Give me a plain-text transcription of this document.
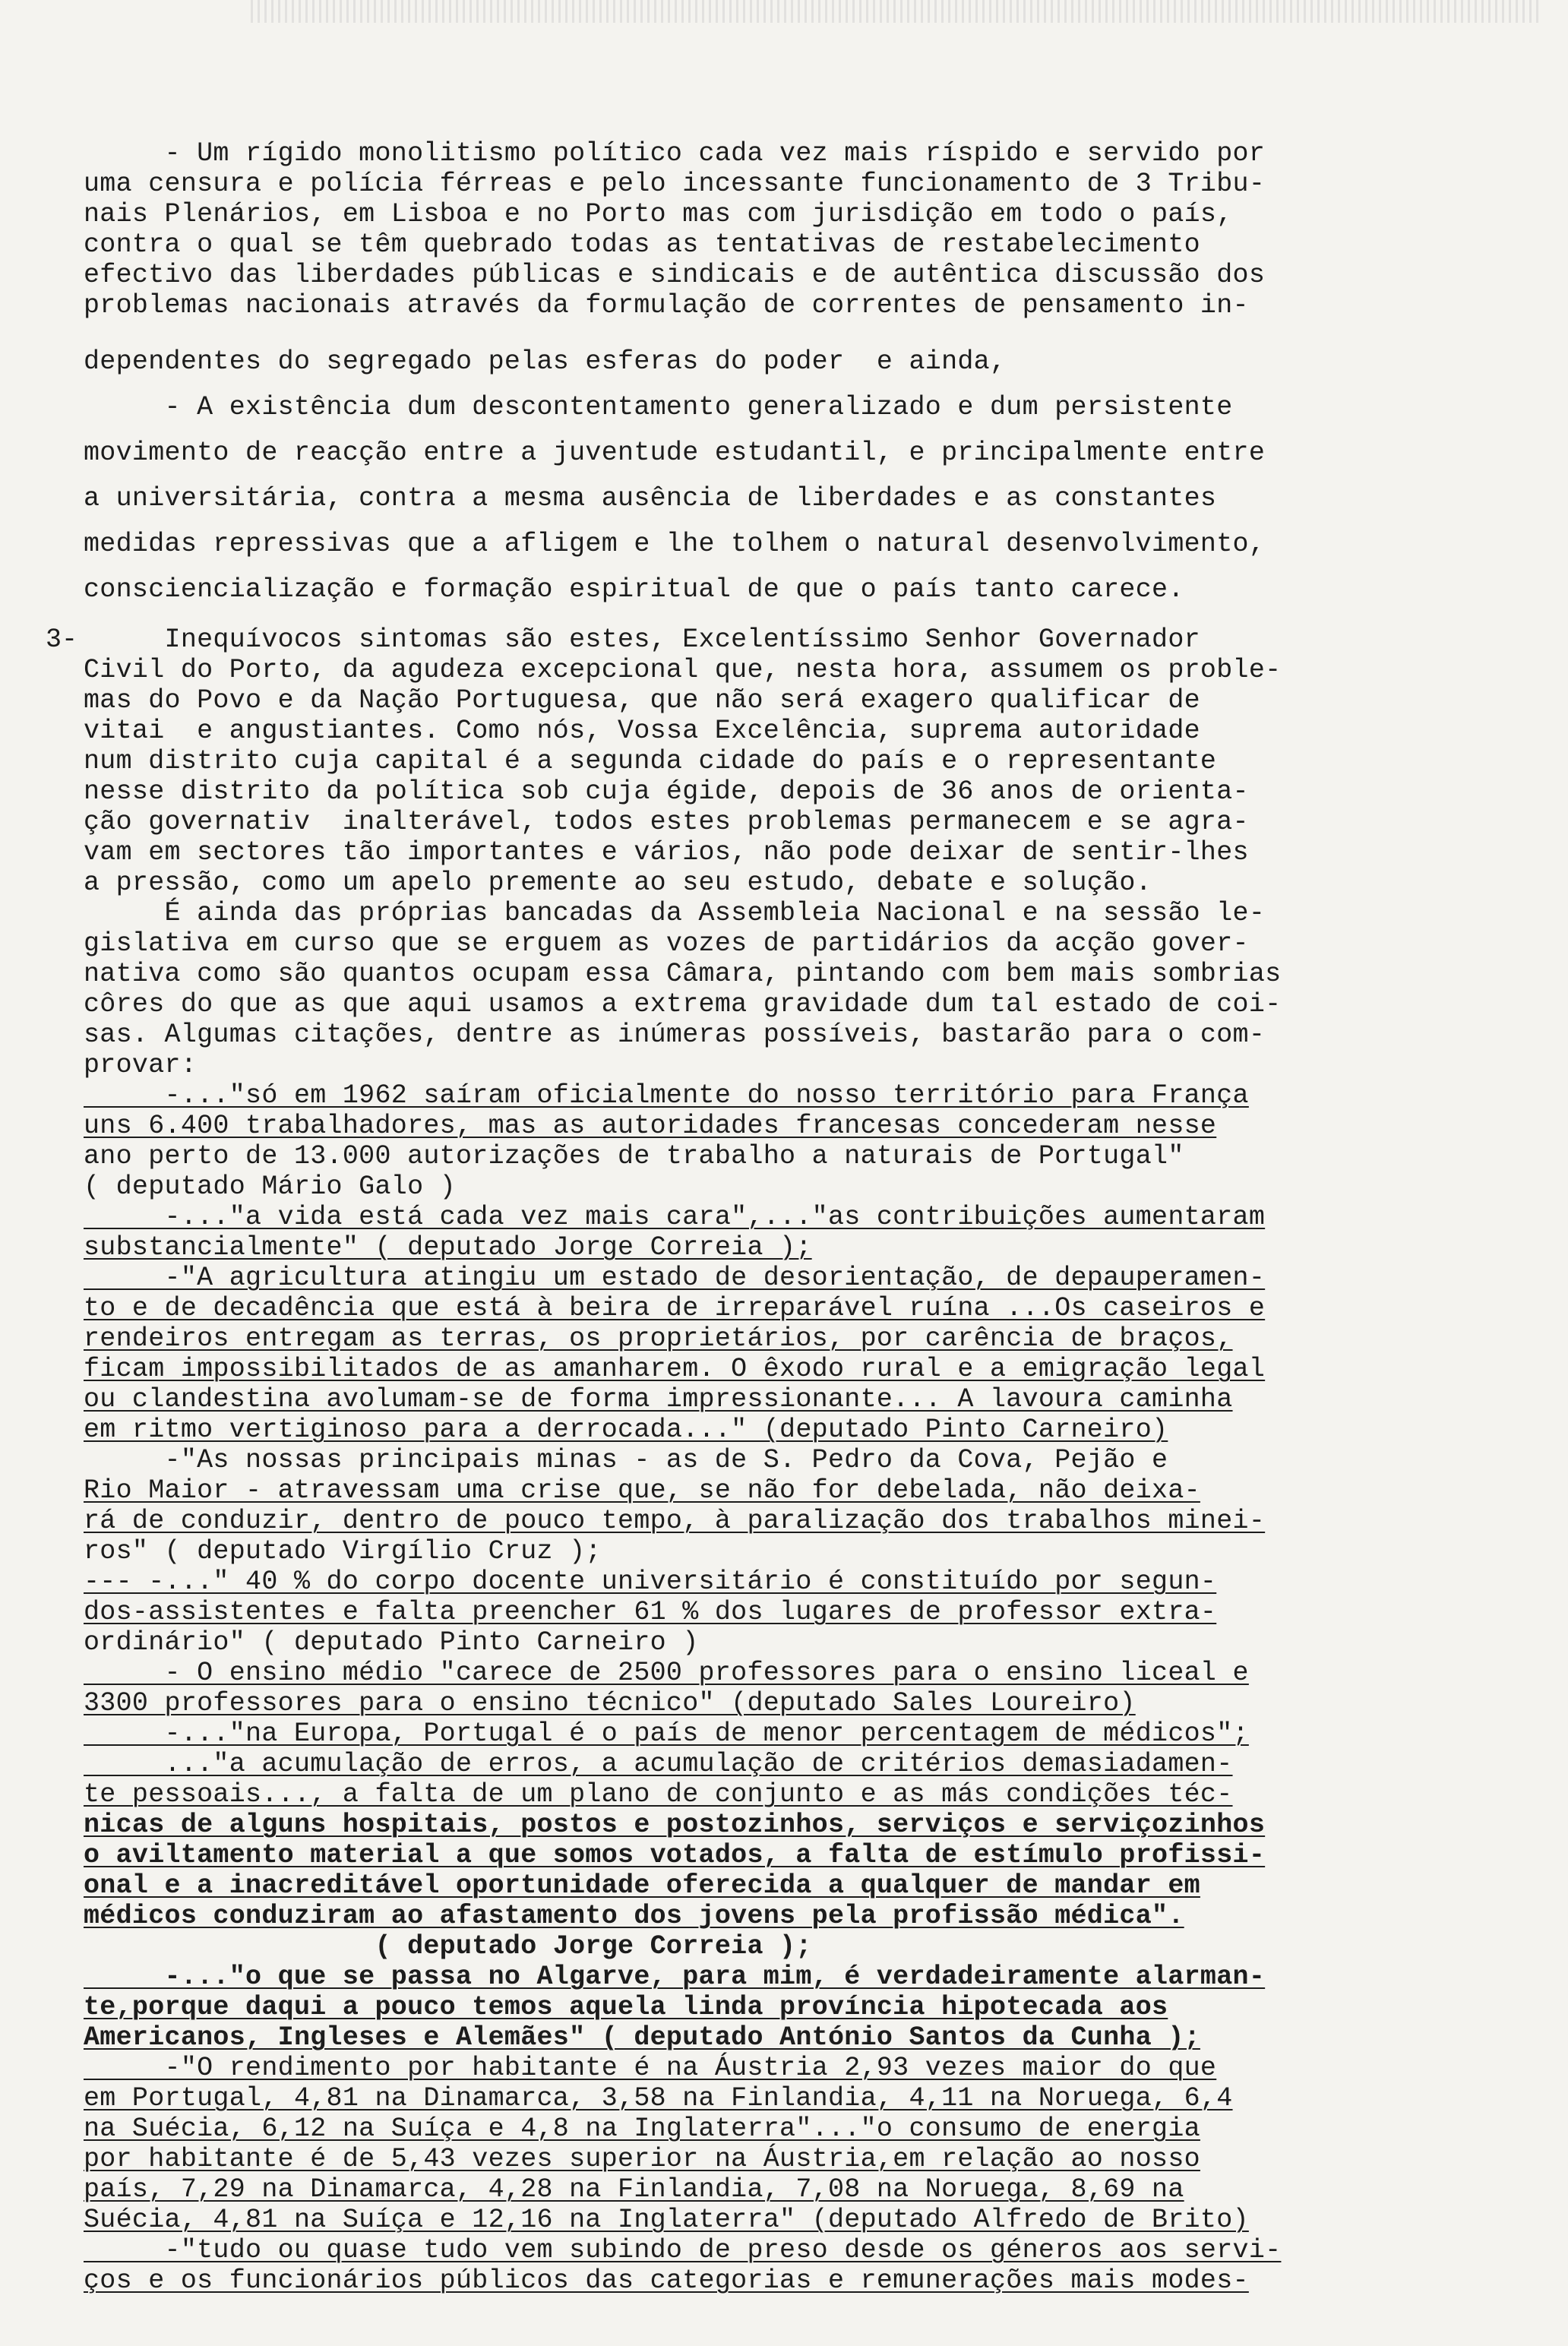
- Um rígido monolitismo político cada vez mais ríspido e servido por
uma censura e polícia férreas e pelo incessante funcionamento de 3 Tribu-
nais Plenários, em Lisboa e no Porto mas com jurisdição em todo o país,
contra o qual se têm quebrado todas as tentativas de restabelecimento
efectivo das liberdades públicas e sindicais e de autêntica discussão dos
problemas nacionais através da formulação de correntes de pensamento in-
dependentes do segregado pelas esferas do poder  e ainda,
- A existência dum descontentamento generalizado e dum persistente
movimento de reacção entre a juventude estudantil, e principalmente entre
a universitária, contra a mesma ausência de liberdades e as constantes
medidas repressivas que a afligem e lhe tolhem o natural desenvolvimento,
consciencialização e formação espiritual de que o país tanto carece.
3- Inequívocos sintomas são estes, Excelentíssimo Senhor Governador
Civil do Porto, da agudeza excepcional que, nesta hora, assumem os proble-
mas do Povo e da Nação Portuguesa, que não será exagero qualificar de
vitai  e angustiantes. Como nós, Vossa Excelência, suprema autoridade
num distrito cuja capital é a segunda cidade do país e o representante
nesse distrito da política sob cuja égide, depois de 36 anos de orienta-
ção governativ  inalterável, todos estes problemas permanecem e se agra-
vam em sectores tão importantes e vários, não pode deixar de sentir-lhes
a pressão, como um apelo premente ao seu estudo, debate e solução.
É ainda das próprias bancadas da Assembleia Nacional e na sessão le-
gislativa em curso que se erguem as vozes de partidários da acção gover-
nativa como são quantos ocupam essa Câmara, pintando com bem mais sombrias
côres do que as que aqui usamos a extrema gravidade dum tal estado de coi-
sas. Algumas citações, dentre as inúmeras possíveis, bastarão para o com-
provar:
-..."só em 1962 saíram oficialmente do nosso território para França
uns 6.400 trabalhadores, mas as autoridades francesas concederam nesse
ano perto de 13.000 autorizações de trabalho a naturais de Portugal"
( deputado Mário Galo )
-..."a vida está cada vez mais cara",..."as contribuições aumentaram
substancialmente" ( deputado Jorge Correia );
-"A agricultura atingiu um estado de desorientação, de depauperamen-
to e de decadência que está à beira de irreparável ruína ...Os caseiros e
rendeiros entregam as terras, os proprietários, por carência de braços,
ficam impossibilitados de as amanharem. O êxodo rural e a emigração legal
ou clandestina avolumam-se de forma impressionante... A lavoura caminha
em ritmo vertiginoso para a derrocada..." (deputado Pinto Carneiro)
-"As nossas principais minas - as de S. Pedro da Cova, Pejão e
Rio Maior - atravessam uma crise que, se não for debelada, não deixa-
rá de conduzir, dentro de pouco tempo, à paralização dos trabalhos minei-
ros" ( deputado Virgílio Cruz );
--- -..." 40 % do corpo docente universitário é constituído por segun-
dos-assistentes e falta preencher 61 % dos lugares de professor extra-
ordinário" ( deputado Pinto Carneiro )
- O ensino médio "carece de 2500 professores para o ensino liceal e
3300 professores para o ensino técnico" (deputado Sales Loureiro)
-..."na Europa, Portugal é o país de menor percentagem de médicos";
..."a acumulação de erros, a acumulação de critérios demasiadamen-
te pessoais..., a falta de um plano de conjunto e as más condições téc-
nicas de alguns hospitais, postos e postozinhos, serviços e serviçozinhos
o aviltamento material a que somos votados, a falta de estímulo profissi-
onal e a inacreditável oportunidade oferecida a qualquer de mandar em
médicos conduziram ao afastamento dos jovens pela profissão médica".
( deputado Jorge Correia );
-..."o que se passa no Algarve, para mim, é verdadeiramente alarman-
te,porque daqui a pouco temos aquela linda província hipotecada aos
Americanos, Ingleses e Alemães" ( deputado António Santos da Cunha );
-"O rendimento por habitante é na Áustria 2,93 vezes maior do que
em Portugal, 4,81 na Dinamarca, 3,58 na Finlandia, 4,11 na Noruega, 6,4
na Suécia, 6,12 na Suíça e 4,8 na Inglaterra"..."o consumo de energia
por habitante é de 5,43 vezes superior na Áustria,em relação ao nosso
país, 7,29 na Dinamarca, 4,28 na Finlandia, 7,08 na Noruega, 8,69 na
Suécia, 4,81 na Suíça e 12,16 na Inglaterra" (deputado Alfredo de Brito)
-"tudo ou quase tudo vem subindo de preso desde os géneros aos servi-
ços e os funcionários públicos das categorias e remunerações mais modes-
